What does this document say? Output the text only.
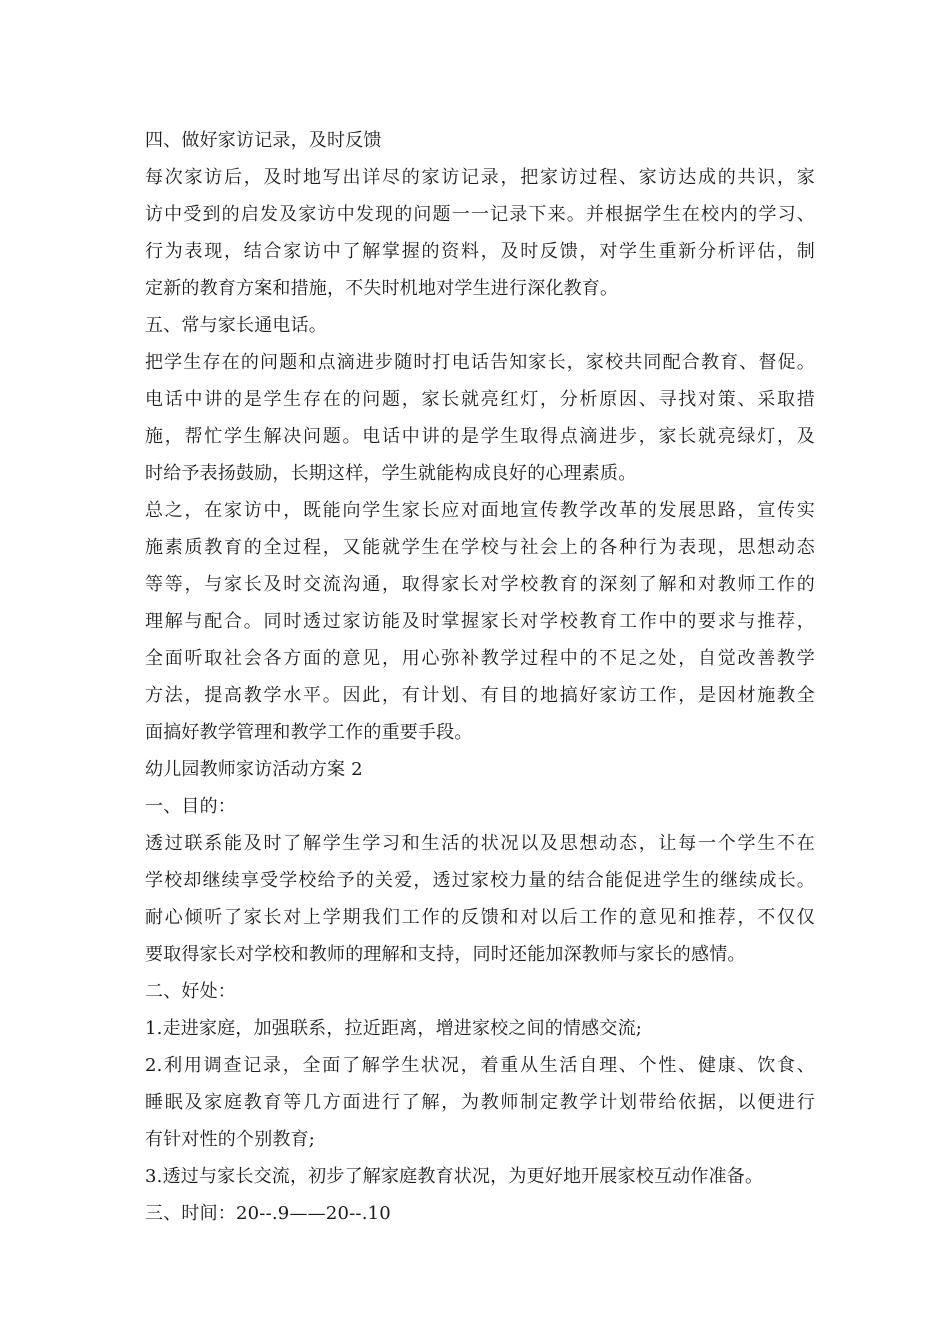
四、做好家访记录，及时反馈
每次家访后，及时地写出详尽的家访记录，把家访过程、家访达成的共识，家
访中受到的启发及家访中发现的问题一一记录下来。并根据学生在校内的学习、
行为表现，结合家访中了解掌握的资料，及时反馈，对学生重新分析评估，制
定新的教育方案和措施，不失时机地对学生进行深化教育。
五、常与家长通电话。
把学生存在的问题和点滴进步随时打电话告知家长，家校共同配合教育、督促。
电话中讲的是学生存在的问题，家长就亮红灯，分析原因、寻找对策、采取措
施，帮忙学生解决问题。电话中讲的是学生取得点滴进步，家长就亮绿灯，及
时给予表扬鼓励，长期这样，学生就能构成良好的心理素质。
总之，在家访中，既能向学生家长应对面地宣传教学改革的发展思路，宣传实
施素质教育的全过程，又能就学生在学校与社会上的各种行为表现，思想动态
等等，与家长及时交流沟通，取得家长对学校教育的深刻了解和对教师工作的
理解与配合。同时透过家访能及时掌握家长对学校教育工作中的要求与推荐，
全面听取社会各方面的意见，用心弥补教学过程中的不足之处，自觉改善教学
方法，提高教学水平。因此，有计划、有目的地搞好家访工作，是因材施教全
面搞好教学管理和教学工作的重要手段。
幼儿园教师家访活动方案 2
一、目的：
透过联系能及时了解学生学习和生活的状况以及思想动态，让每一个学生不在
学校却继续享受学校给予的关爱，透过家校力量的结合能促进学生的继续成长。
耐心倾听了家长对上学期我们工作的反馈和对以后工作的意见和推荐，不仅仅
要取得家长对学校和教师的理解和支持，同时还能加深教师与家长的感情。
二、好处：
1.走进家庭，加强联系，拉近距离，增进家校之间的情感交流;
2.利用调查记录，全面了解学生状况，着重从生活自理、个性、健康、饮食、
睡眠及家庭教育等几方面进行了解，为教师制定教学计划带给依据，以便进行
有针对性的个别教育;
3.透过与家长交流，初步了解家庭教育状况，为更好地开展家校互动作准备。
三、时间：20--.9——20--.10
